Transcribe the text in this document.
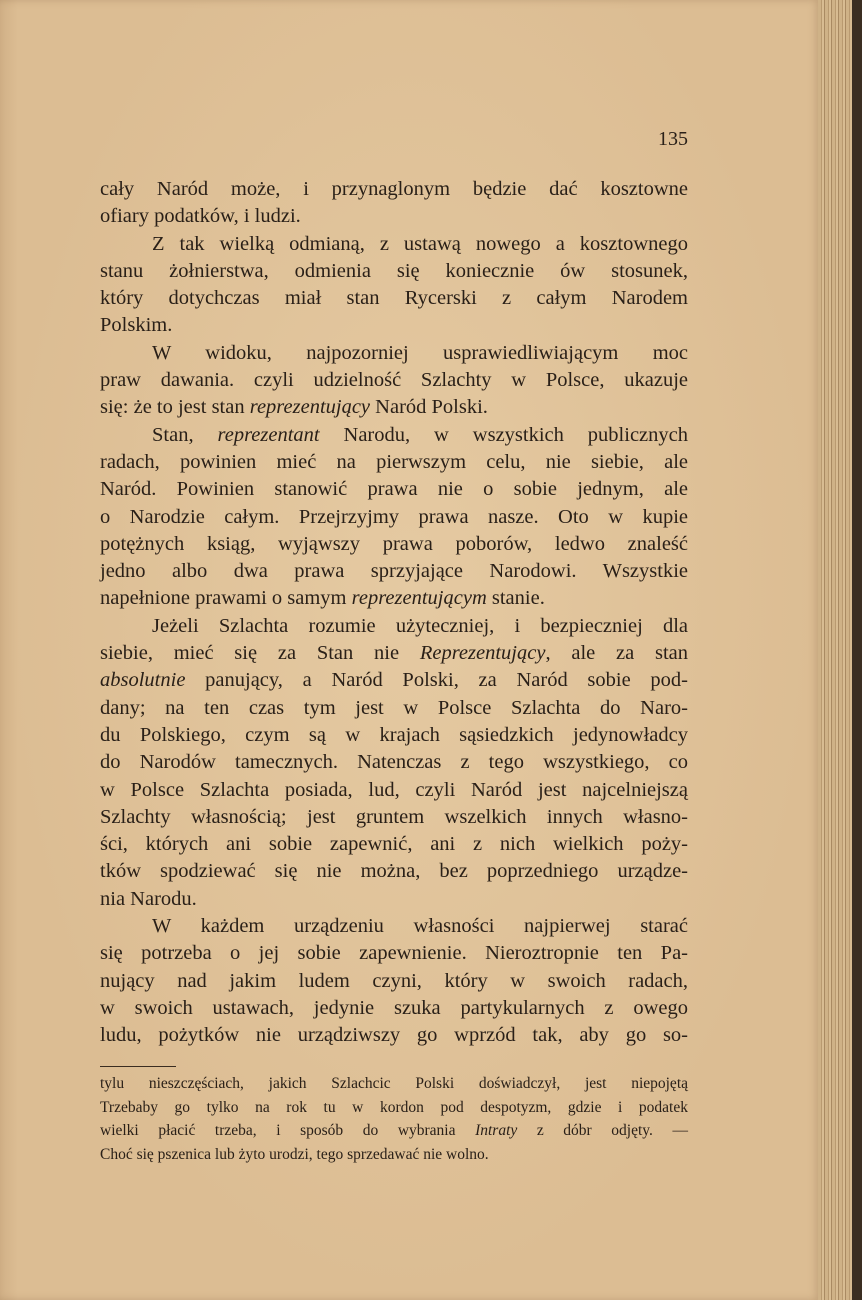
135
cały Naród może, i przynaglonym będzie dać kosztowne
ofiary podatków, i ludzi.
Z tak wielką odmianą, z ustawą nowego a kosztownego
stanu żołnierstwa, odmienia się koniecznie ów stosunek,
który dotychczas miał stan Rycerski z całym Narodem
Polskim.
W widoku, najpozorniej usprawiedliwiającym moc
praw dawania. czyli udzielność Szlachty w Polsce, ukazuje
się: że to jest stan reprezentujący Naród Polski.
Stan, reprezentant Narodu, w wszystkich publicznych
radach, powinien mieć na pierwszym celu, nie siebie, ale
Naród. Powinien stanowić prawa nie o sobie jednym, ale
o Narodzie całym. Przejrzyjmy prawa nasze. Oto w kupie
potężnych ksiąg, wyjąwszy prawa poborów, ledwo znaleść
jedno albo dwa prawa sprzyjające Narodowi. Wszystkie
napełnione prawami o samym reprezentującym stanie.
Jeżeli Szlachta rozumie użyteczniej, i bezpieczniej dla
siebie, mieć się za Stan nie Reprezentujący, ale za stan
absolutnie panujący, a Naród Polski, za Naród sobie pod-
dany; na ten czas tym jest w Polsce Szlachta do Naro-
du Polskiego, czym są w krajach sąsiedzkich jedynowładcy
do Narodów tamecznych. Natenczas z tego wszystkiego, co
w Polsce Szlachta posiada, lud, czyli Naród jest najcelniejszą
Szlachty własnością; jest gruntem wszelkich innych własno-
ści, których ani sobie zapewnić, ani z nich wielkich poży-
tków spodziewać się nie można, bez poprzedniego urządze-
nia Narodu.
W każdem urządzeniu własności najpierwej starać
się potrzeba o jej sobie zapewnienie. Nieroztropnie ten Pa-
nujący nad jakim ludem czyni, który w swoich radach,
w swoich ustawach, jedynie szuka partykularnych z owego
ludu, pożytków nie urządziwszy go wprzód tak, aby go so-
tylu nieszczęściach, jakich Szlachcic Polski doświadczył, jest niepojętą
Trzebaby go tylko na rok tu w kordon pod despotyzm, gdzie i podatek
wielki płacić trzeba, i sposób do wybrania Intraty z dóbr odjęty. —
Choć się pszenica lub żyto urodzi, tego sprzedawać nie wolno.
